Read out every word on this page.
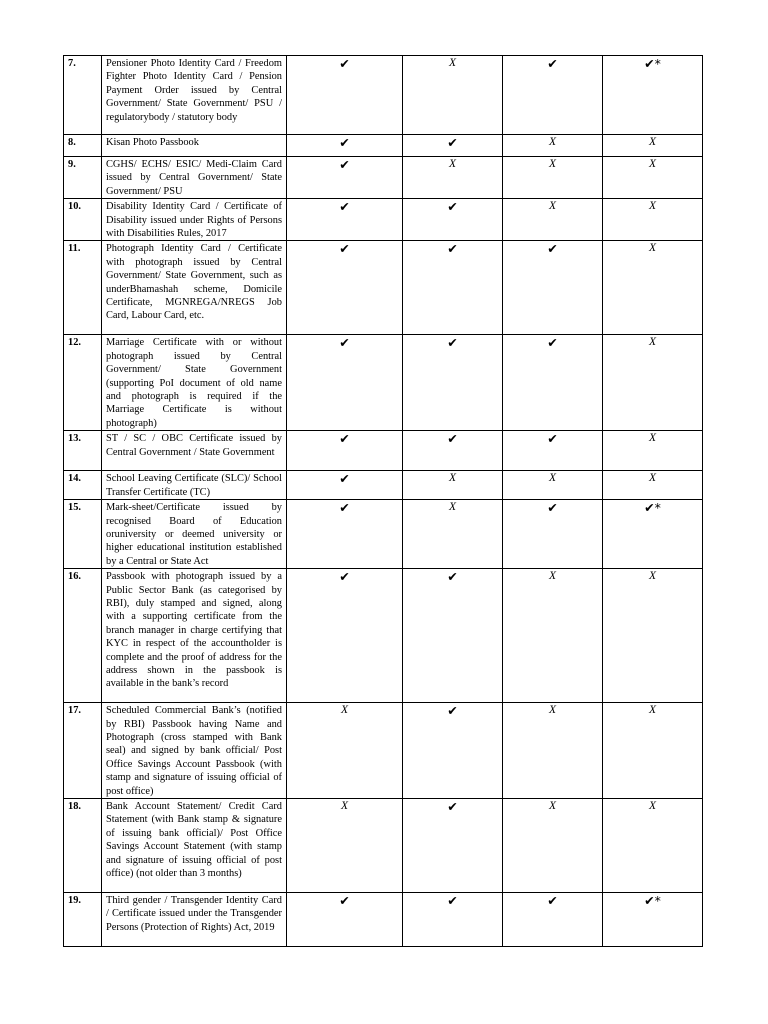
7.	Pensioner Photo Identity Card / Freedom Fighter Photo Identity Card / Pension Payment Order issued by Central Government/ State Government/ PSU / regulatorybody / statutory body	✔	X	✔	✔*
8.	Kisan Photo Passbook	✔	✔	X	X
9.	CGHS/ ECHS/ ESIC/ Medi-Claim Card issued by Central Government/ State Government/ PSU	✔	X	X	X
10.	Disability Identity Card / Certificate of Disability issued under Rights of Persons with Disabilities Rules, 2017	✔	✔	X	X
11.	Photograph Identity Card / Certificate with photograph issued by Central Government/ State Government, such as underBhamashah scheme, Domicile Certificate, MGNREGA/NREGS Job Card, Labour Card, etc.	✔	✔	✔	X
12.	Marriage Certificate with or without photograph issued by Central Government/ State Government (supporting PoI document of old name and photograph is required if the Marriage Certificate is without photograph)	✔	✔	✔	X
13.	ST / SC / OBC Certificate issued by Central Government / State Government	✔	✔	✔	X
14.	School Leaving Certificate (SLC)/ School Transfer Certificate (TC)	✔	X	X	X
15.	Mark-sheet/Certificate issued by recognised Board of Education oruniversity or deemed university or higher educational institution established by a Central or State Act	✔	X	✔	✔*
16.	Passbook with photograph issued by a Public Sector Bank (as categorised by RBI), duly stamped and signed, along with a supporting certificate from the branch manager in charge certifying that KYC in respect of the accountholder is complete and the proof of address for the address shown in the passbook is available in the bank’s record	✔	✔	X	X
17.	Scheduled Commercial Bank’s (notified by RBI) Passbook having Name and Photograph (cross stamped with Bank seal) and signed by bank official/ Post Office Savings Account Passbook (with stamp and signature of issuing official of post office)	X	✔	X	X
18.	Bank Account Statement/ Credit Card Statement (with Bank stamp & signature of issuing bank official)/ Post Office Savings Account Statement (with stamp and signature of issuing official of post office) (not older than 3 months)	X	✔	X	X
19.	Third gender / Transgender Identity Card / Certificate issued under the Transgender Persons (Protection of Rights) Act, 2019	✔	✔	✔	✔*
